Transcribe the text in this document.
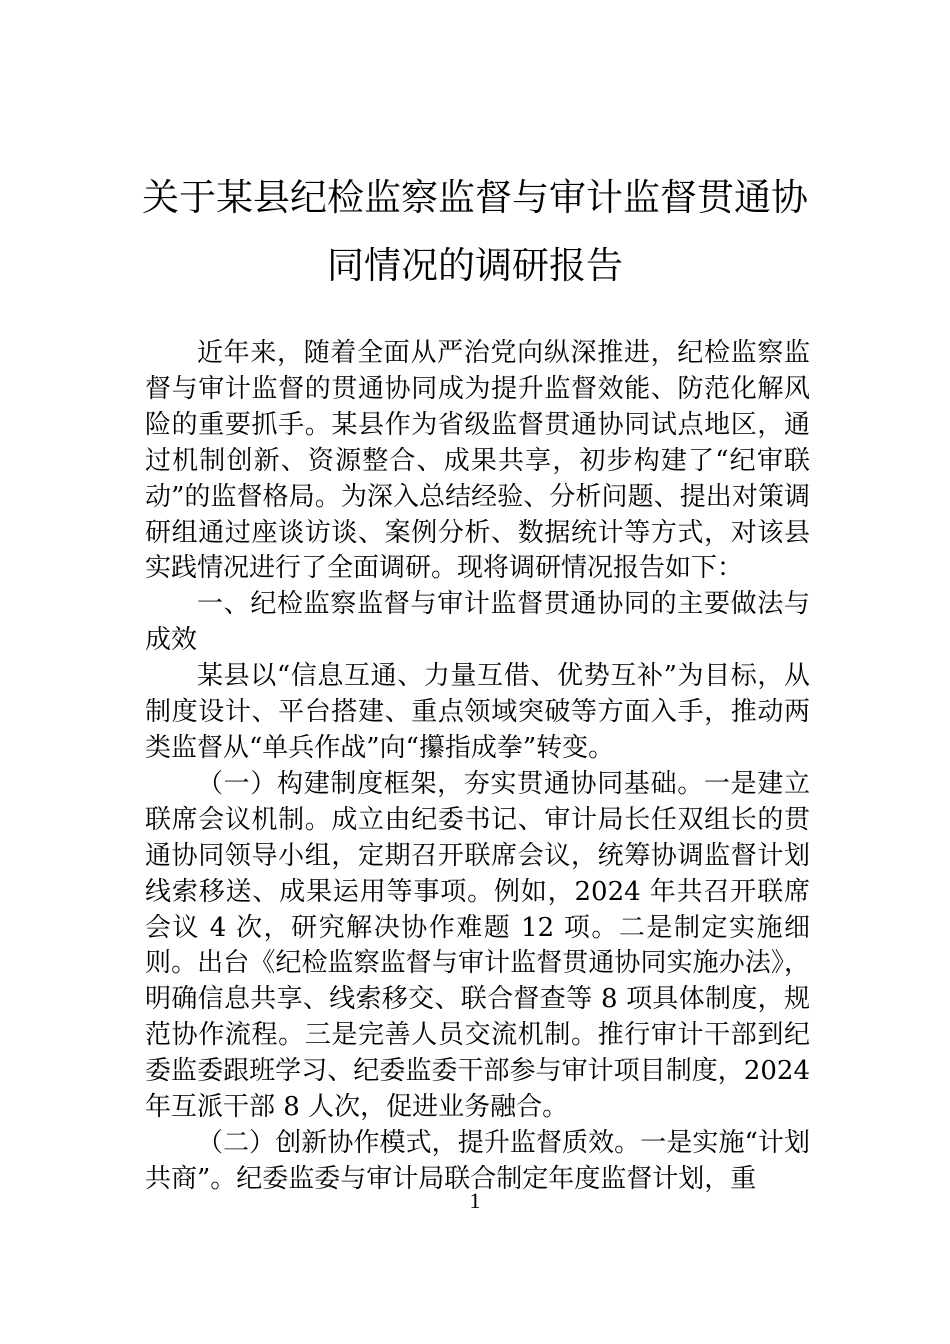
关于某县纪检监察监督与审计监督贯通协
同情况的调研报告

近年来，随着全面从严治党向纵深推进，纪检监察监督与审计监督的贯通协同成为提升监督效能、防范化解风险的重要抓手。某县作为省级监督贯通协同试点地区，通过机制创新、资源整合、成果共享，初步构建了“纪审联动”的监督格局。为深入总结经验、分析问题、提出对策调研组通过座谈访谈、案例分析、数据统计等方式，对该县实践情况进行了全面调研。现将调研情况报告如下：

一、纪检监察监督与审计监督贯通协同的主要做法与成效

某县以“信息互通、力量互借、优势互补”为目标，从制度设计、平台搭建、重点领域突破等方面入手，推动两类监督从“单兵作战”向“攥指成拳”转变。

（一）构建制度框架，夯实贯通协同基础。一是建立联席会议机制。成立由纪委书记、审计局长任双组长的贯通协同领导小组，定期召开联席会议，统筹协调监督计划线索移送、成果运用等事项。例如，2024 年共召开联席会议 4 次，研究解决协作难题 12 项。二是制定实施细则。出台《纪检监察监督与审计监督贯通协同实施办法》，明确信息共享、线索移交、联合督查等 8 项具体制度，规范协作流程。三是完善人员交流机制。推行审计干部到纪委监委跟班学习、纪委监委干部参与审计项目制度，2024 年互派干部 8 人次，促进业务融合。

（二）创新协作模式，提升监督质效。一是实施“计划共商”。纪委监委与审计局联合制定年度监督计划，重

1
